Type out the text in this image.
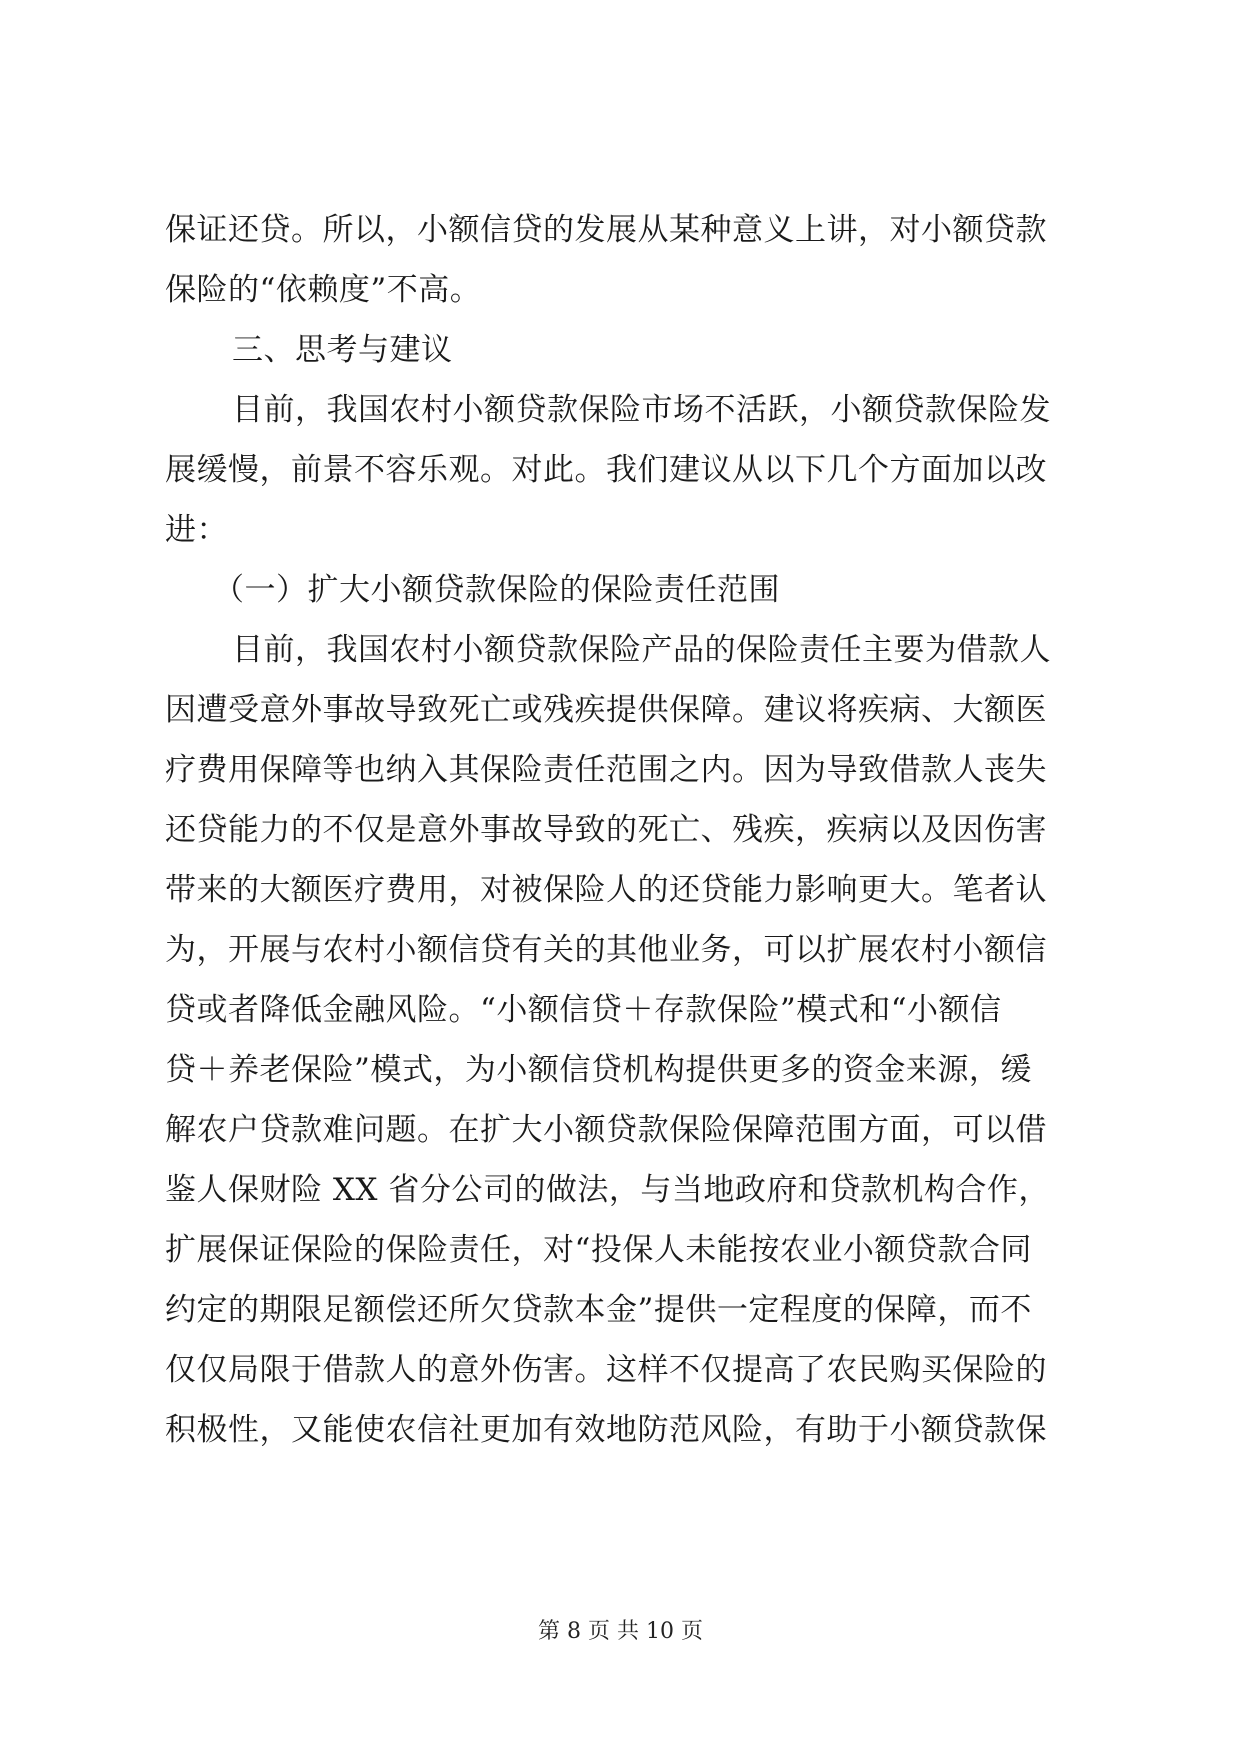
保证还贷。所以，小额信贷的发展从某种意义上讲，对小额贷款
保险的“依赖度”不高。
三、思考与建议
目前，我国农村小额贷款保险市场不活跃，小额贷款保险发
展缓慢，前景不容乐观。对此。我们建议从以下几个方面加以改
进：
（一）扩大小额贷款保险的保险责任范围
目前，我国农村小额贷款保险产品的保险责任主要为借款人
因遭受意外事故导致死亡或残疾提供保障。建议将疾病、大额医
疗费用保障等也纳入其保险责任范围之内。因为导致借款人丧失
还贷能力的不仅是意外事故导致的死亡、残疾，疾病以及因伤害
带来的大额医疗费用，对被保险人的还贷能力影响更大。笔者认
为，开展与农村小额信贷有关的其他业务，可以扩展农村小额信
贷或者降低金融风险。“小额信贷＋存款保险”模式和“小额信
贷＋养老保险”模式，为小额信贷机构提供更多的资金来源，缓
解农户贷款难问题。在扩大小额贷款保险保障范围方面，可以借
鉴人保财险 XX 省分公司的做法，与当地政府和贷款机构合作，
扩展保证保险的保险责任，对“投保人未能按农业小额贷款合同
约定的期限足额偿还所欠贷款本金”提供一定程度的保障，而不
仅仅局限于借款人的意外伤害。这样不仅提高了农民购买保险的
积极性，又能使农信社更加有效地防范风险，有助于小额贷款保
第 8 页 共 10 页
